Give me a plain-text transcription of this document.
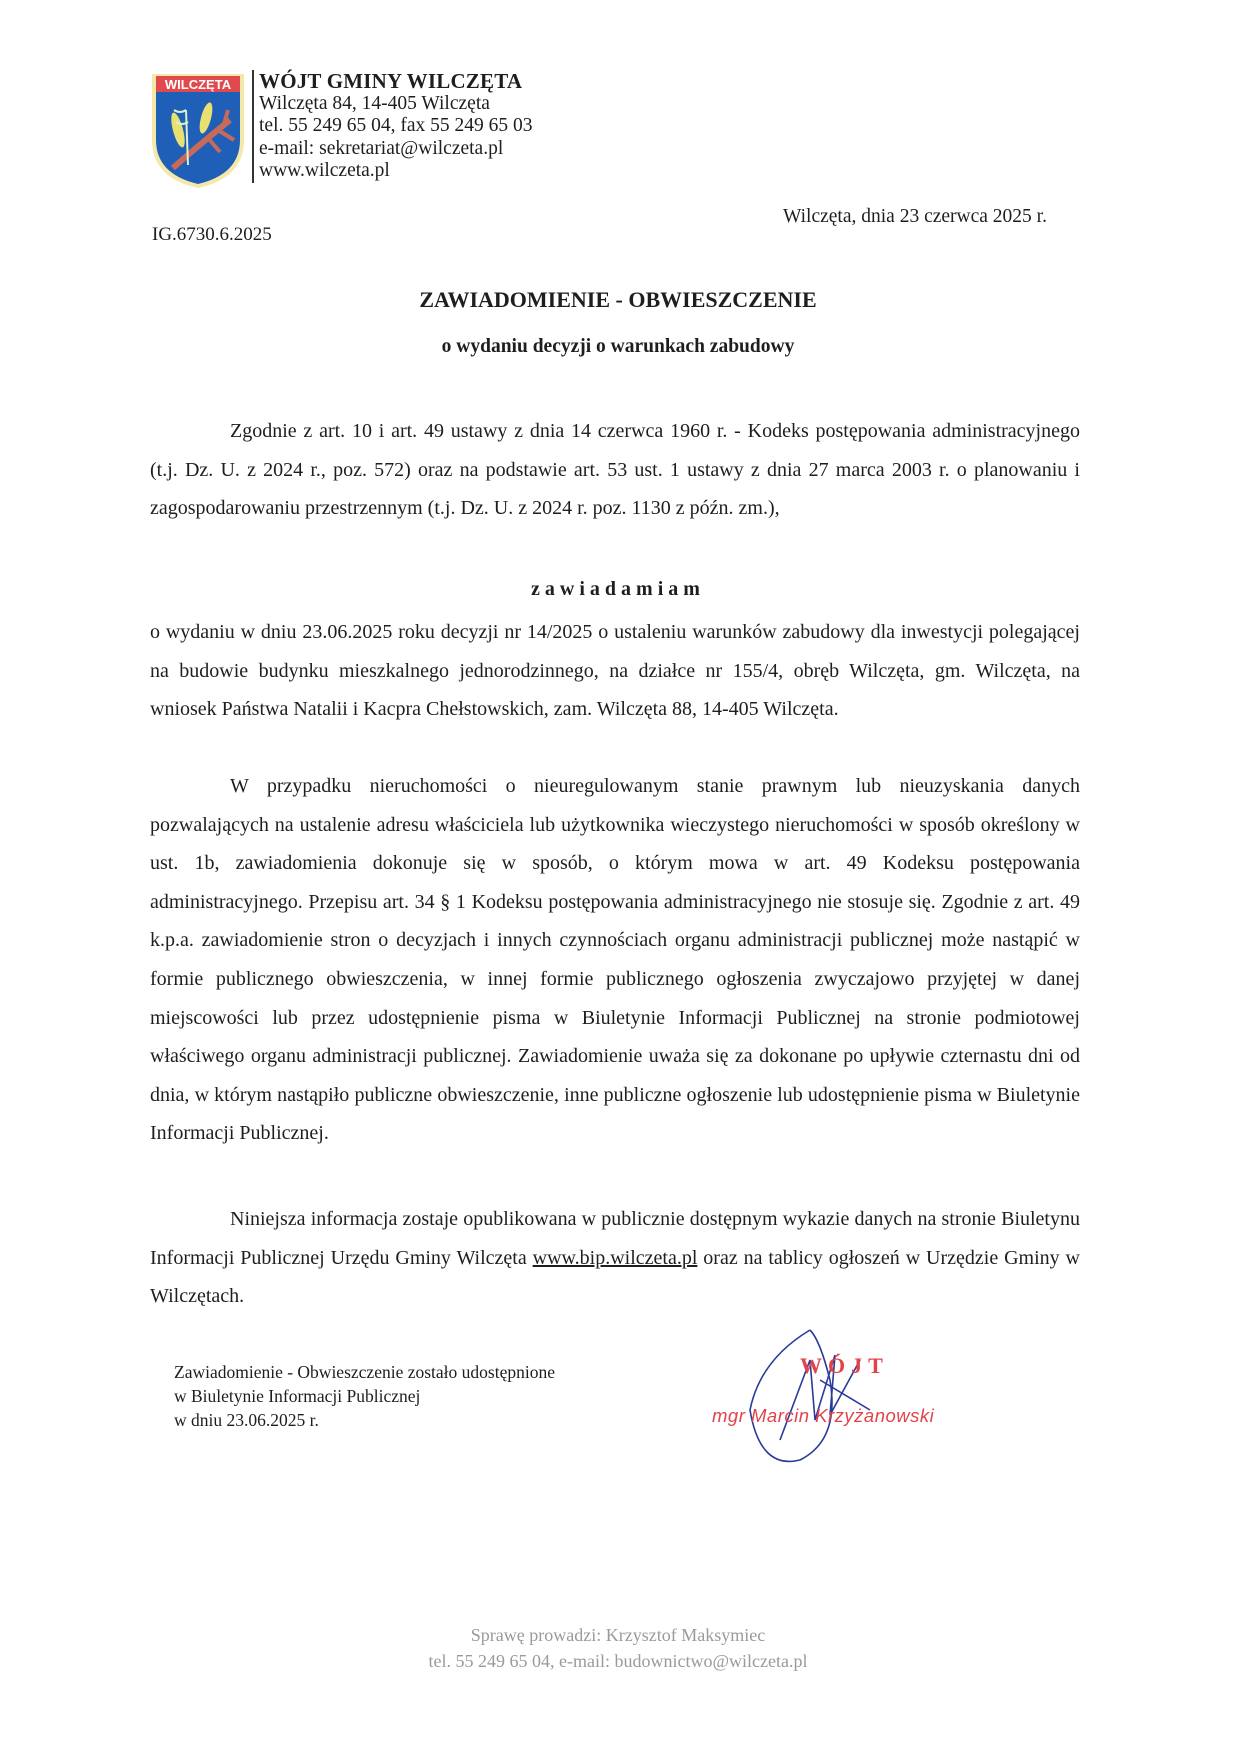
WILCZĘTA WÓJT GMINY WILCZĘTA
Wilczęta 84, 14-405 Wilczęta
tel. 55 249 65 04, fax 55 249 65 03
e-mail: sekretariat@wilczeta.pl
www.wilczeta.pl
Wilczęta, dnia 23 czerwca 2025 r.
IG.6730.6.2025
ZAWIADOMIENIE - OBWIESZCZENIE
o wydaniu decyzji o warunkach zabudowy
Zgodnie z art. 10 i art. 49 ustawy z dnia 14 czerwca 1960 r. - Kodeks postępowania administracyjnego (t.j. Dz. U. z 2024 r., poz. 572) oraz na podstawie art. 53 ust. 1 ustawy z dnia 27 marca 2003 r. o planowaniu i zagospodarowaniu przestrzennym (t.j. Dz. U. z 2024 r. poz. 1130 z późn. zm.),
zawiadamiam
o wydaniu w dniu 23.06.2025 roku decyzji nr 14/2025 o ustaleniu warunków zabudowy dla inwestycji polegającej na budowie budynku mieszkalnego jednorodzinnego, na działce nr 155/4, obręb Wilczęta, gm. Wilczęta, na wniosek Państwa Natalii i Kacpra Chełstowskich, zam. Wilczęta 88, 14-405 Wilczęta.
W przypadku nieruchomości o nieuregulowanym stanie prawnym lub nieuzyskania danych pozwalających na ustalenie adresu właściciela lub użytkownika wieczystego nieruchomości w sposób określony w ust. 1b, zawiadomienia dokonuje się w sposób, o którym mowa w art. 49 Kodeksu postępowania administracyjnego. Przepisu art. 34 § 1 Kodeksu postępowania administracyjnego nie stosuje się. Zgodnie z art. 49 k.p.a. zawiadomienie stron o decyzjach i innych czynnościach organu administracji publicznej może nastąpić w formie publicznego obwieszczenia, w innej formie publicznego ogłoszenia zwyczajowo przyjętej w danej miejscowości lub przez udostępnienie pisma w Biuletynie Informacji Publicznej na stronie podmiotowej właściwego organu administracji publicznej. Zawiadomienie uważa się za dokonane po upływie czternastu dni od dnia, w którym nastąpiło publiczne obwieszczenie, inne publiczne ogłoszenie lub udostępnienie pisma w Biuletynie Informacji Publicznej.
Niniejsza informacja zostaje opublikowana w publicznie dostępnym wykazie danych na stronie Biuletynu Informacji Publicznej Urzędu Gminy Wilczęta www.bip.wilczeta.pl oraz na tablicy ogłoszeń w Urzędzie Gminy w Wilczętach.
Zawiadomienie - Obwieszczenie zostało udostępnione
w Biuletynie Informacji Publicznej
w dniu 23.06.2025 r.
WÓJT
mgr Marcin Krzyżanowski
Sprawę prowadzi: Krzysztof Maksymiec
tel. 55 249 65 04, e-mail: budownictwo@wilczeta.pl
